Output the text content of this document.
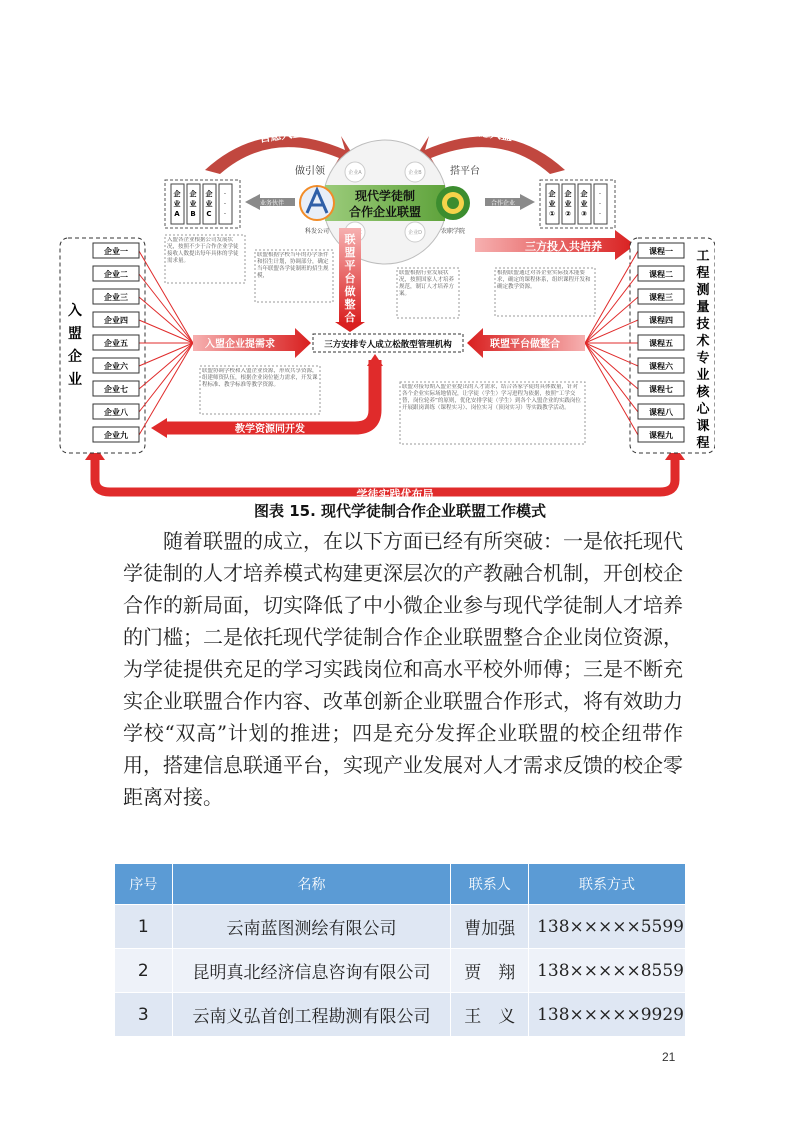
学徒实践优布局
自愿入盟	自愿入盟
企业A	企业B
企业D
做引领	搭平台
现代学徒制
合作企业联盟
科发公司	农职学院
企
业
A
企
业
B
企
业
C
·
·
·
业务伙伴
企
业
①
企
业
②
企
业
③
·
·
·
合作企业
联
盟
平
台
做
整
合
三方投入共培养
入
盟
企
业
企业一
企业二
企业三
企业四
企业五
企业六
企业七
企业八
企业九
工
程
测
量
技
术
专
业
核
心
课
程
课程一
课程二
课程三
课程四
课程五
课程六
课程七
课程八
课程九
三方安排专人成立松散型管理机构
入盟企业提需求	联盟平台做整合
教学资源同开发
入盟各企业根据公司发展状况，按照不少于合作企业学徒接收人数提出每年具体的学徒需求量。
联盟根据学校当年的办学条件和招生计划，协调部分，确定当年联盟各学徒制班的招生规模，	联盟根据行业发展状况，按照国家人才培养规范，制订人才培养方案。
根据联盟通过对各企业实际技术能要求，确定的课程体系，组织课程开发和确定教学资源。
联盟协调学校和入盟企业资源，形成共享资源，组建师资队伍，根据企业岗位能力需求，开发课程标准、教学标准等教学资源。	联盟对接每期入盟企业提出的人才需求，结合各家学徒的具体数量，针对各个企业实际场地情况，让学徒（学生）学习进程为依据，按照“工学交替，岗位轮养”的原则，优化安排学徒（学生）到各个入盟企业的实践岗位开展跟岗训练（课程实习）、岗位实习（顶岗实习）等实践教学活动。
图表 15. 现代学徒制合作企业联盟工作模式

随着联盟的成立，在以下方面已经有所突破：一是依托现代学徒制的人才培养模式构建更深层次的产教融合机制，开创校企合作的新局面，切实降低了中小微企业参与现代学徒制人才培养的门槛；二是依托现代学徒制合作企业联盟整合企业岗位资源，为学徒提供充足的学习实践岗位和高水平校外师傅；三是不断充实企业联盟合作内容、改革创新企业联盟合作形式，将有效助力学校“双高”计划的推进；四是充分发挥企业联盟的校企纽带作用，搭建信息联通平台，实现产业发展对人才需求反馈的校企零距离对接。

序号	名称	联系人	联系方式
1	云南蓝图测绘有限公司	曹加强	138×××××5599
2	昆明真北经济信息咨询有限公司	贾　翔	138×××××8559
3	云南义弘首创工程勘测有限公司	王　义	138×××××9929
21
